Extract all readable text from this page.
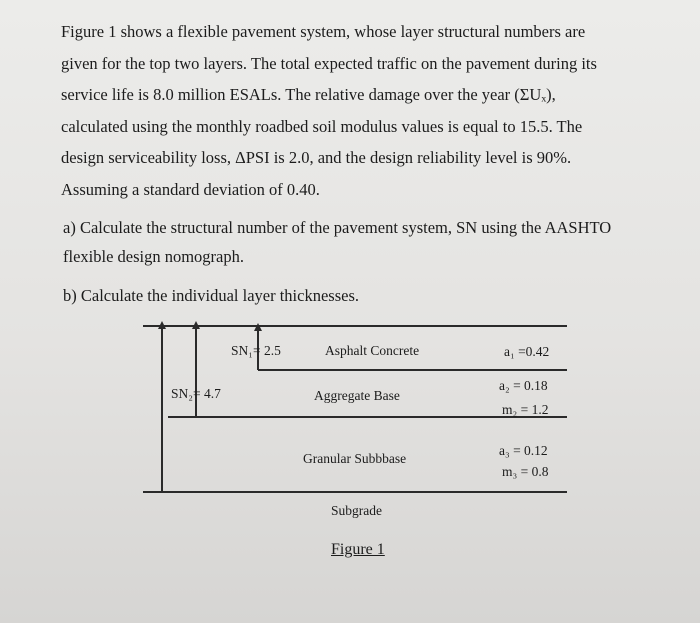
Figure 1 shows a flexible pavement system, whose layer structural numbers are
given for the top two layers. The total expected traffic on the pavement during its
service life is 8.0 million ESALs. The relative damage over the year (ΣUₓ),
calculated using the monthly roadbed soil modulus values is equal to 15.5. The
design serviceability loss, ΔPSI is 2.0, and the design reliability level is 90%.
Assuming a standard deviation of 0.40.
a) Calculate the structural number of the pavement system, SN using the AASHTO
flexible design nomograph.
b) Calculate the individual layer thicknesses.
SN₁= 2.5
SN₂= 4.7
Asphalt Concrete
Aggregate Base
Granular Subbbase
Subgrade
a₁ =0.42
a₂ = 0.18
m₂ = 1.2
a₃ = 0.12
m₃ = 0.8
Figure 1
